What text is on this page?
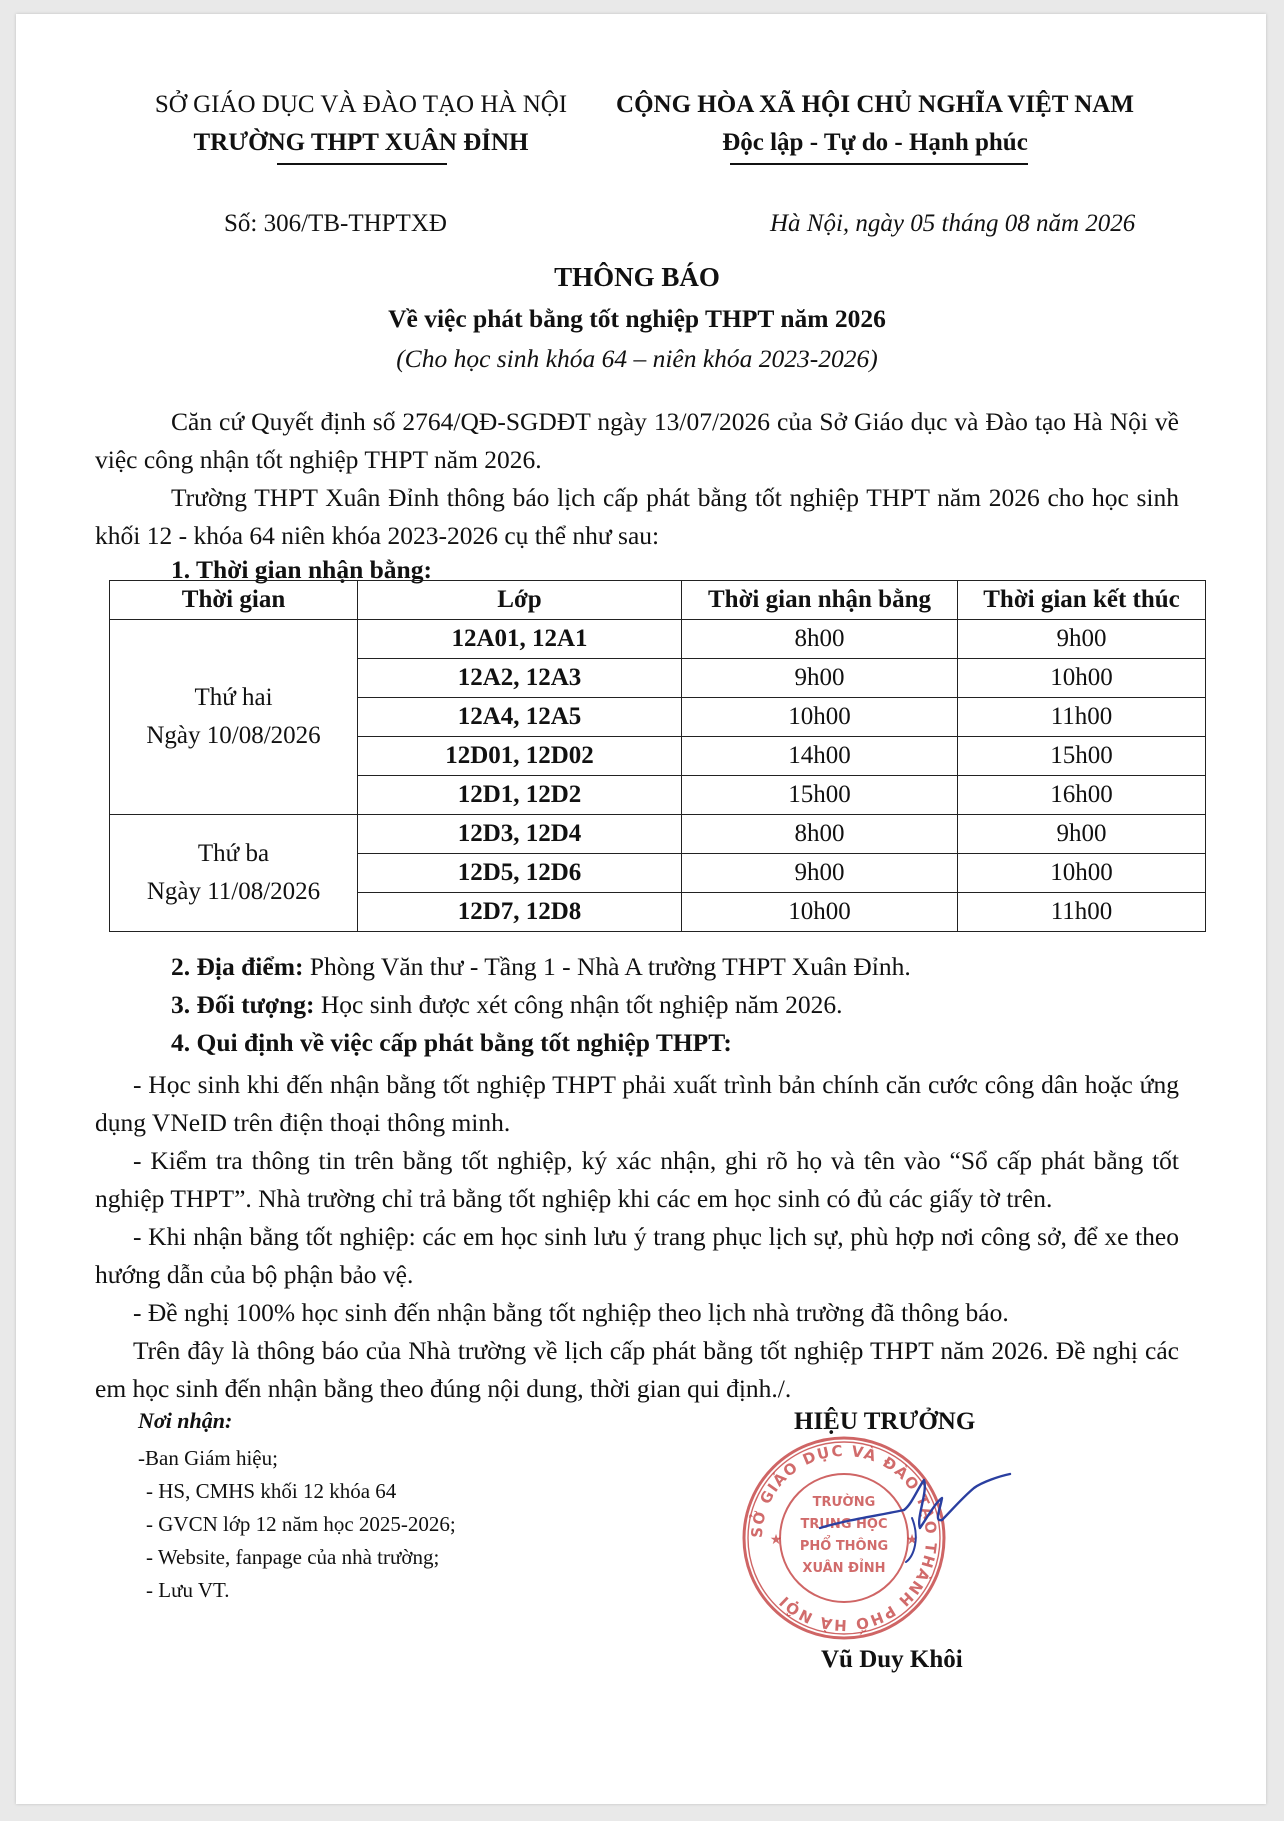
SỞ GIÁO DỤC VÀ ĐÀO TẠO HÀ NỘI
TRƯỜNG THPT XUÂN ĐỈNH
CỘNG HÒA XÃ HỘI CHỦ NGHĨA VIỆT NAM
Độc lập - Tự do - Hạnh phúc
Số: 306/TB-THPTXĐ	Hà Nội, ngày 05 tháng 08 năm 2026
THÔNG BÁO
Về việc phát bằng tốt nghiệp THPT năm 2026
(Cho học sinh khóa 64 – niên khóa 2023-2026)
Căn cứ Quyết định số 2764/QĐ-SGDĐT ngày 13/07/2026 của Sở Giáo dục và Đào tạo Hà Nội về việc công nhận tốt nghiệp THPT năm 2026.
Trường THPT Xuân Đỉnh thông báo lịch cấp phát bằng tốt nghiệp THPT năm 2026 cho học sinh khối 12 - khóa 64 niên khóa 2023-2026 cụ thể như sau:
1. Thời gian nhận bằng:
Thời gian	Lớp	Thời gian nhận bằng	Thời gian kết thúc

Thứ hai
Ngày 10/08/2026	12A01, 12A1	8h00	9h00
	12A2, 12A3	9h00	10h00
	12A4, 12A5	10h00	11h00
	12D01, 12D02	14h00	15h00
	12D1, 12D2	15h00	16h00

Thứ ba
Ngày 11/08/2026	12D3, 12D4	8h00	9h00
	12D5, 12D6	9h00	10h00
	12D7, 12D8	10h00	11h00
2. Địa điểm: Phòng Văn thư - Tầng 1 - Nhà A trường THPT Xuân Đỉnh.
3. Đối tượng: Học sinh được xét công nhận tốt nghiệp năm 2026.
4. Qui định về việc cấp phát bằng tốt nghiệp THPT:
- Học sinh khi đến nhận bằng tốt nghiệp THPT phải xuất trình bản chính căn cước công dân hoặc ứng dụng VNeID trên điện thoại thông minh.
- Kiểm tra thông tin trên bằng tốt nghiệp, ký xác nhận, ghi rõ họ và tên vào “Sổ cấp phát bằng tốt nghiệp THPT”. Nhà trường chỉ trả bằng tốt nghiệp khi các em học sinh có đủ các giấy tờ trên.
- Khi nhận bằng tốt nghiệp: các em học sinh lưu ý trang phục lịch sự, phù hợp nơi công sở, để xe theo hướng dẫn của bộ phận bảo vệ.
- Đề nghị 100% học sinh đến nhận bằng tốt nghiệp theo lịch nhà trường đã thông báo.
Trên đây là thông báo của Nhà trường về lịch cấp phát bằng tốt nghiệp THPT năm 2026. Đề nghị các em học sinh đến nhận bằng theo đúng nội dung, thời gian qui định./.
Nơi nhận:
-Ban Giám hiệu;
- HS, CMHS khối 12 khóa 64
- GVCN lớp 12 năm học 2025-2026;
- Website, fanpage của nhà trường;
- Lưu VT.
HIỆU TRƯỞNG
SỞ GIÁO DỤC VÀ ĐÀO TẠO THÀNH PHỐ HÀ NỘI
TRƯỜNG
TRUNG HỌC
PHỔ THÔNG
XUÂN ĐỈNH
★	★
Vũ Duy Khôi
